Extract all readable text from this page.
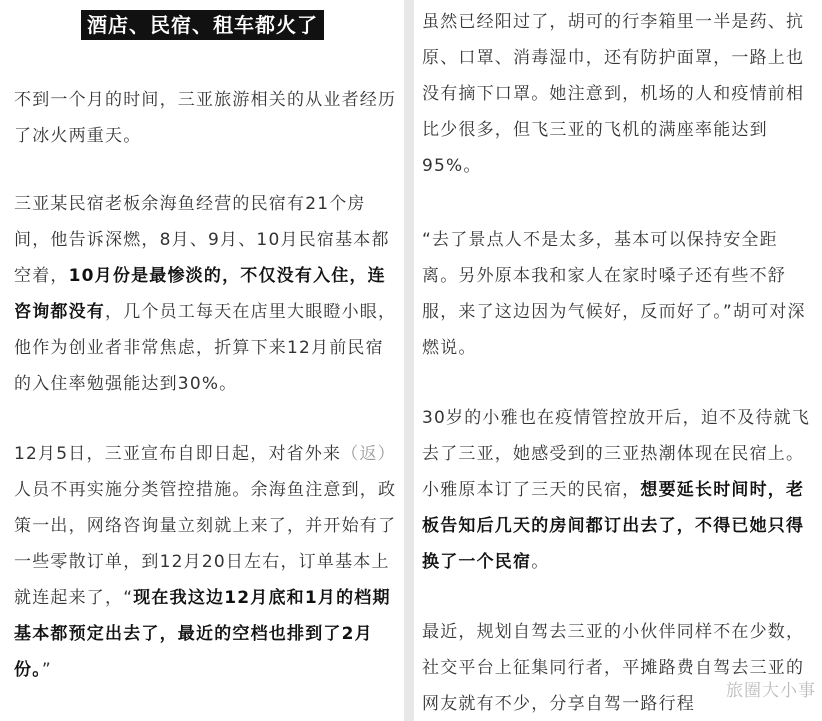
酒店、民宿、租车都火了

不到一个月的时间，三亚旅游相关的从业者经历了冰火两重天。

三亚某民宿老板余海鱼经营的民宿有21个房间，他告诉深燃，8月、9月、10月民宿基本都空着，10月份是最惨淡的，不仅没有入住，连咨询都没有，几个员工每天在店里大眼瞪小眼，他作为创业者非常焦虑，折算下来12月前民宿的入住率勉强能达到30%。

12月5日，三亚宣布自即日起，对省外来（返）人员不再实施分类管控措施。余海鱼注意到，政策一出，网络咨询量立刻就上来了，并开始有了一些零散订单，到12月20日左右，订单基本上就连起来了，“现在我这边12月底和1月的档期基本都预定出去了，最近的空档也排到了2月份。”

虽然已经阳过了，胡可的行李箱里一半是药、抗原、口罩、消毒湿巾，还有防护面罩，一路上也没有摘下口罩。她注意到，机场的人和疫情前相比少很多，但飞三亚的飞机的满座率能达到95%。

“去了景点人不是太多，基本可以保持安全距离。另外原本我和家人在家时嗓子还有些不舒服，来了这边因为气候好，反而好了。”胡可对深燃说。

30岁的小雅也在疫情管控放开后，迫不及待就飞去了三亚，她感受到的三亚热潮体现在民宿上。小雅原本订了三天的民宿，想要延长时间时，老板告知后几天的房间都订出去了，不得已她只得换了一个民宿。

最近，规划自驾去三亚的小伙伴同样不在少数，社交平台上征集同行者，平摊路费自驾去三亚的网友就有不少，分享自驾一路行程

旅圈大小事
